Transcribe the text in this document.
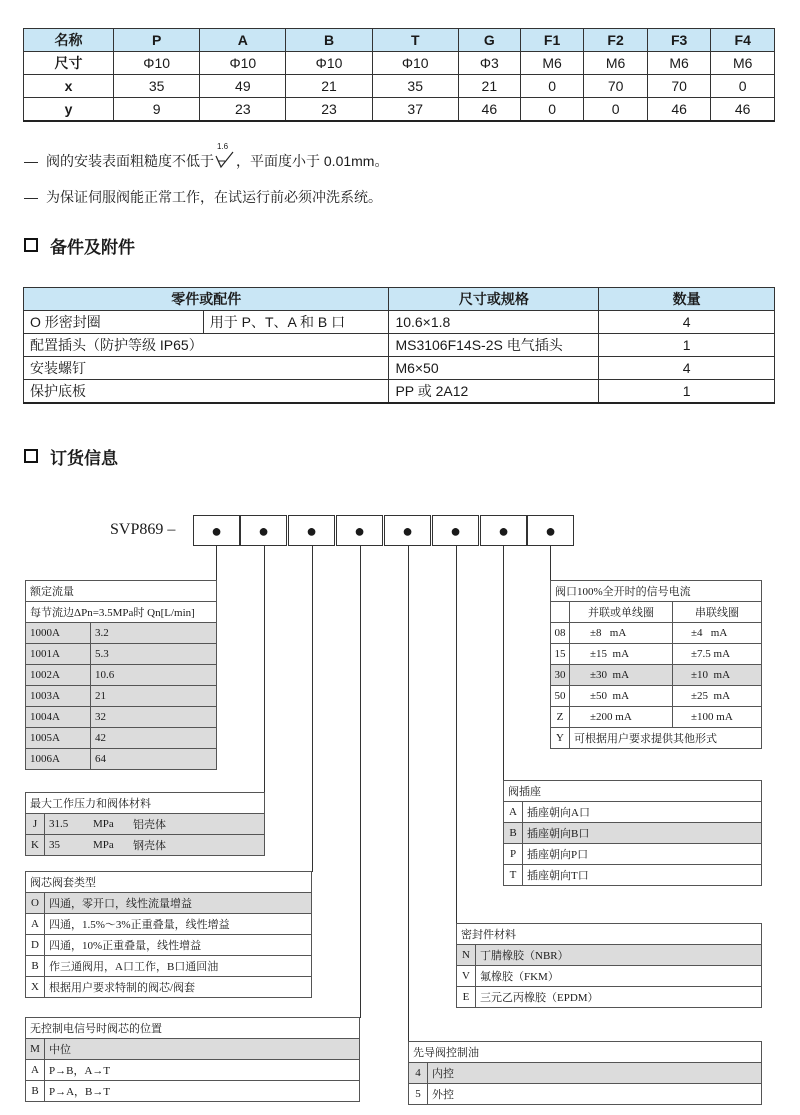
名称	P	A	B	T	G	F1	F2	F3	F4
尺寸	Φ10	Φ10	Φ10	Φ10	Φ3	M6	M6	M6	M6
x	35	49	21	35	21	0	70	70	0
y	9	23	23	37	46	0	0	46	46
— 阀的安装表面粗糙度不低于
1.6
，平面度小于 0.01mm。
— 为保证伺服阀能正常工作，在试运行前必须冲洗系统。
备件及附件
零件或配件		尺寸或规格	数量
O 形密封圈	用于 P、T、A 和 B 口	10.6×1.8	4
配置插头（防护等级 IP65）		MS3106F14S-2S 电气插头	1
安装螺钉		M6×50	4
保护底板		PP 或 2A12	1
订货信息
SVP869 –	●	●	●	●	●	●	●	●
额定流量	
每节流边ΔPn=3.5MPa时 Qn[L/min]	
1000A	3.2
1001A	5.3
1002A	10.6
1003A	21
1004A	32
1005A	42
1006A	64
最大工作压力和阀体材料			
J	31.5	MPa	铝壳体
K	35	MPa	钢壳体
阀芯阀套类型	
O	四通，零开口，线性流量增益
A	四通，1.5%～3%正重叠量，线性增益
D	四通，10%正重叠量，线性增益
B	作三通阀用，A口工作，B口通回油
X	根据用户要求特制的阀芯/阀套
无控制电信号时阀芯的位置	
M	中位
A	P→B，A→T
B	P→A，B→T
先导阀控制油	
4	内控
5	外控
密封件材料	
N	丁腈橡胶（NBR）
V	氟橡胶（FKM）
E	三元乙丙橡胶（EPDM）
阀插座	
A	插座朝向A口
B	插座朝向B口
P	插座朝向P口
T	插座朝向T口
阀口100%全开时的信号电流		
	并联或单线圈	串联线圈
08	±8   mA	±4   mA
15	±15  mA	±7.5 mA
30	±30  mA	±10  mA
50	±50  mA	±25  mA
Z	±200 mA	±100 mA
Y	可根据用户要求提供其他形式	
